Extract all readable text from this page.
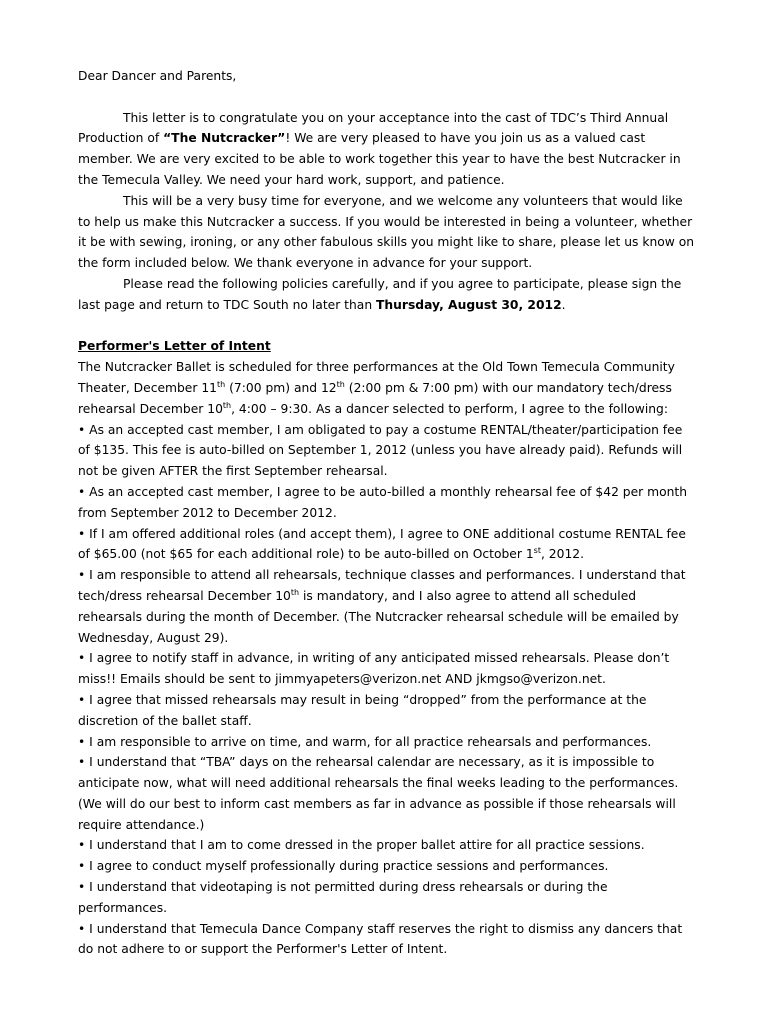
Dear Dancer and Parents,

This letter is to congratulate you on your acceptance into the cast of TDC’s Third Annual Production of “The Nutcracker”! We are very pleased to have you join us as a valued cast member. We are very excited to be able to work together this year to have the best Nutcracker in the Temecula Valley. We need your hard work, support, and patience.

This will be a very busy time for everyone, and we welcome any volunteers that would like to help us make this Nutcracker a success. If you would be interested in being a volunteer, whether it be with sewing, ironing, or any other fabulous skills you might like to share, please let us know on the form included below. We thank everyone in advance for your support.

Please read the following policies carefully, and if you agree to participate, please sign the last page and return to TDC South no later than Thursday, August 30, 2012.

Performer's Letter of Intent

The Nutcracker Ballet is scheduled for three performances at the Old Town Temecula Community Theater, December 11th (7:00 pm) and 12th (2:00 pm & 7:00 pm) with our mandatory tech/dress rehearsal December 10th, 4:00 – 9:30. As a dancer selected to perform, I agree to the following:

• As an accepted cast member, I am obligated to pay a costume RENTAL/theater/participation fee of $135. This fee is auto-billed on September 1, 2012 (unless you have already paid). Refunds will not be given AFTER the first September rehearsal.

• As an accepted cast member, I agree to be auto-billed a monthly rehearsal fee of $42 per month from September 2012 to December 2012.

• If I am offered additional roles (and accept them), I agree to ONE additional costume RENTAL fee of $65.00 (not $65 for each additional role) to be auto-billed on October 1st, 2012.

• I am responsible to attend all rehearsals, technique classes and performances. I understand that tech/dress rehearsal December 10th is mandatory, and I also agree to attend all scheduled rehearsals during the month of December. (The Nutcracker rehearsal schedule will be emailed by Wednesday, August 29).

• I agree to notify staff in advance, in writing of any anticipated missed rehearsals. Please don’t miss!! Emails should be sent to jimmyapeters@verizon.net AND jkmgso@verizon.net.

• I agree that missed rehearsals may result in being “dropped” from the performance at the discretion of the ballet staff.

• I am responsible to arrive on time, and warm, for all practice rehearsals and performances.

• I understand that “TBA” days on the rehearsal calendar are necessary, as it is impossible to anticipate now, what will need additional rehearsals the final weeks leading to the performances. (We will do our best to inform cast members as far in advance as possible if those rehearsals will require attendance.)

• I understand that I am to come dressed in the proper ballet attire for all practice sessions.

• I agree to conduct myself professionally during practice sessions and performances.

• I understand that videotaping is not permitted during dress rehearsals or during the performances.

• I understand that Temecula Dance Company staff reserves the right to dismiss any dancers that do not adhere to or support the Performer's Letter of Intent.
